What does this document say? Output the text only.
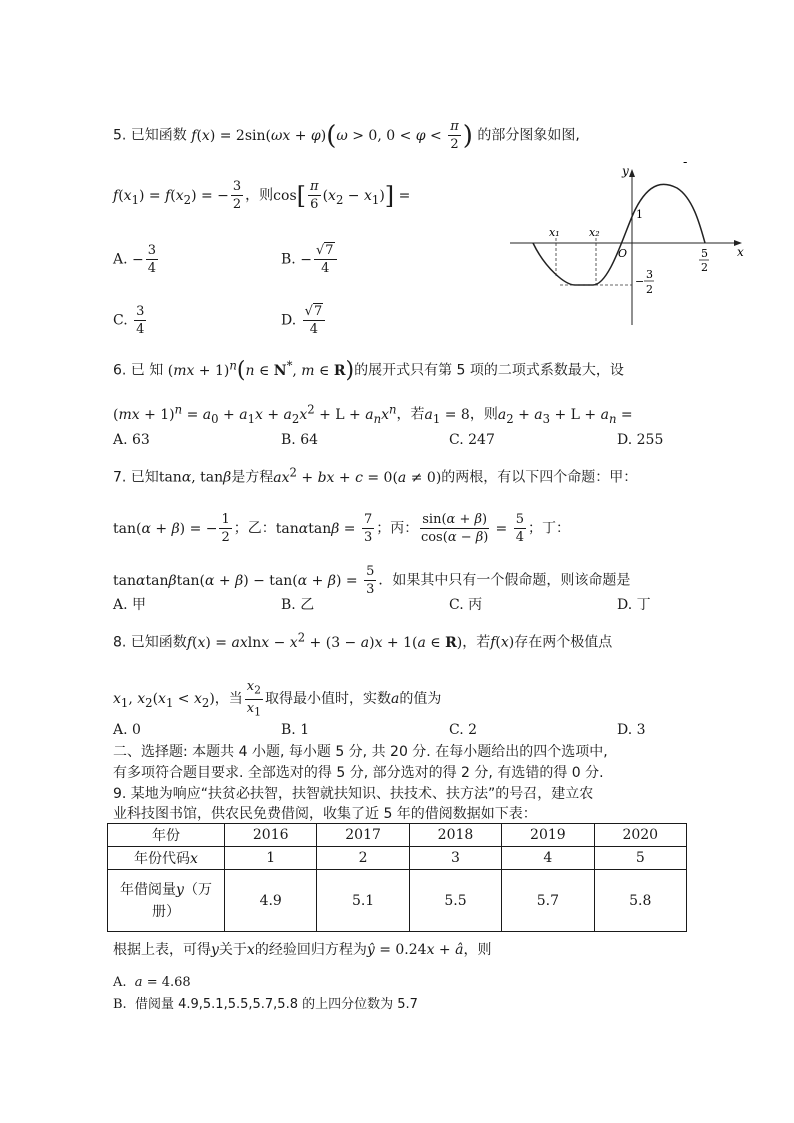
5. 已知函数 f(x) = 2sin(ωx + φ)(ω > 0, $0 < \varphi < \frac{\pi}{2}$ ) 的部分图象如图,
$f(x_1) = f(x_2)$ = − $\frac{3}{2}$ ，则$\cos[ \frac{\pi}{6} (x_2 - x_1)]$ =
A. − $\frac{3}{4}$	B. − $\frac{√7}{4}$
C. $\frac{3}{4}$	D. $\frac{√7}{4}$
-
y
x
O
x₁	x₂
1
5
2
−
3
2
6. 已 知 (mx + 1)$^n$(n ∈ N*, m ∈ R)的展开式只有第 5 项的二项式系数最大，设
$(mx + 1)^n = a_0 + a_1x + a_2x^2 + L + a_nx^n$，若$a_1 = 8$，则$a_2 + a_3 + L + a_n$ =
A. 63	B. 64	C. 247	D. 255
7. 已知tanα, tanβ是方程$ax^2$ + bx + c = 0(a ≠ 0)的两根，有以下四个命题：甲：
tan(α + β) = − $\frac{1}{2}$ ；乙：$\tan\alpha\tan\beta = \frac{7}{3}$ ；丙： $\frac{\sin(\alpha + \beta)}{\cos(\alpha - \beta)} = \frac{5}{4}$ ；丁：
$\tan\alpha\tan\beta\tan(\alpha + \beta) - \tan(\alpha + \beta) = \frac{5}{3}$ ．如果其中只有一个假命题，则该命题是
A. 甲	B. 乙	C. 丙	D. 丁
8. 已知函数$f(x) = axlnx - x^2 + (3 - a)x + 1(a$ ∈ R)，若f(x)存在两个极值点
$x_1$, $x_2(x_1 < x_2)$，当 $\frac{x_2}{x_1}$ 取得最小值时，实数a的值为
A. 0	B. 1	C. 2	D. 3
二、选择题: 本题共 4 小题, 每小题 5 分, 共 20 分. 在每小题给出的四个选项中,
有多项符合题目要求. 全部选对的得 5 分, 部分选对的得 2 分, 有选错的得 0 分.
9. 某地为响应“扶贫必扶智，扶智就扶知识、扶技术、扶方法”的号召，建立农
业科技图书馆，供农民免费借阅，收集了近 5 年的借阅数据如下表：
年份	2016	2017	2018	2019	2020
年份代码x	1	2	3	4	5
年借阅量y（万
册）	4.9	5.1	5.5	5.7	5.8
根据上表，可得y关于x的经验回归方程为ŷ = 0.24x + â，则
A. a = 4.68
B. 借阅量 4.9,5.1,5.5,5.7,5.8 的上四分位数为 5.7
